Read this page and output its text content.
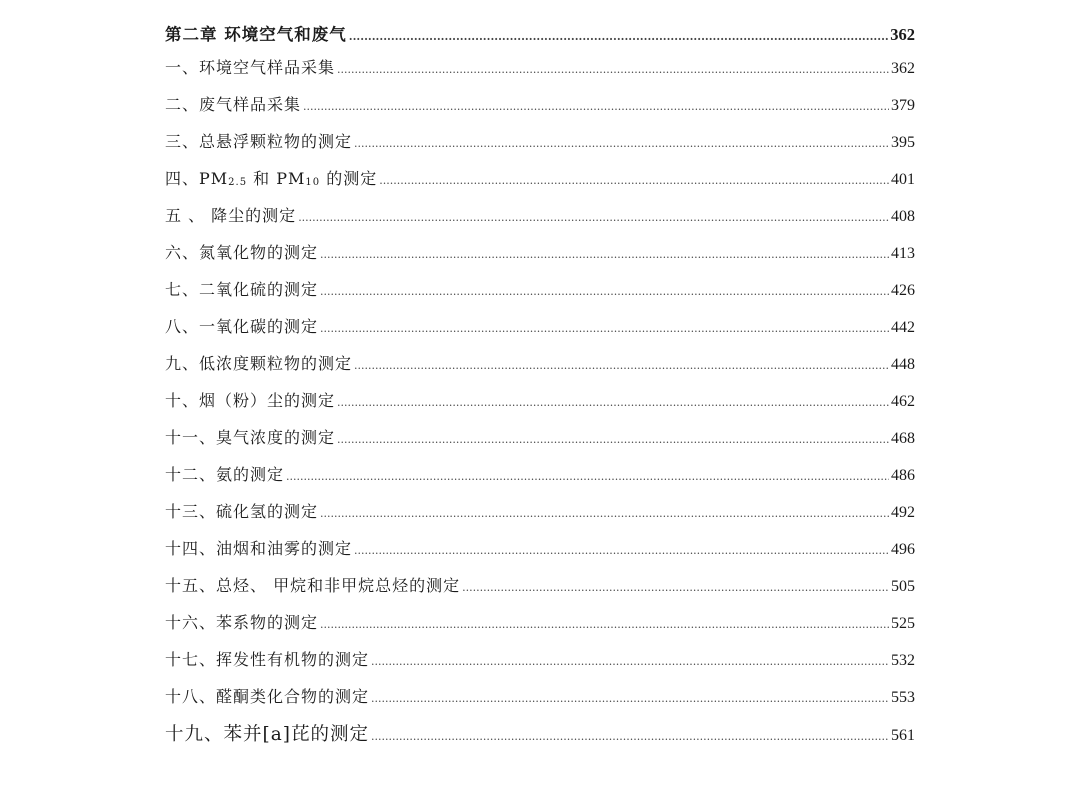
第二章 环境空气和废气 .....	362
一、环境空气样品采集 .....	362
二、废气样品采集 .....	379
三、总悬浮颗粒物的测定 .....	395
四、$PM_{2.5}$ 和 $PM_{10}$ 的测定 .....	401
五 、 降尘的测定 .....	408
六、氮氧化物的测定 .....	413
七、二氧化硫的测定 .....	426
八、一氧化碳的测定 .....	442
九、低浓度颗粒物的测定 .....	448
十、烟（粉）尘的测定 .....	462
十一、臭气浓度的测定 .....	468
十二、氨的测定 .....	486
十三、硫化氢的测定 .....	492
十四、油烟和油雾的测定 .....	496
十五、总烃、 甲烷和非甲烷总烃的测定 .....	505
十六、苯系物的测定 .....	525
十七、挥发性有机物的测定 .....	532
十八、醛酮类化合物的测定 .....	553
十九、苯并[a]芘的测定 .....	561
